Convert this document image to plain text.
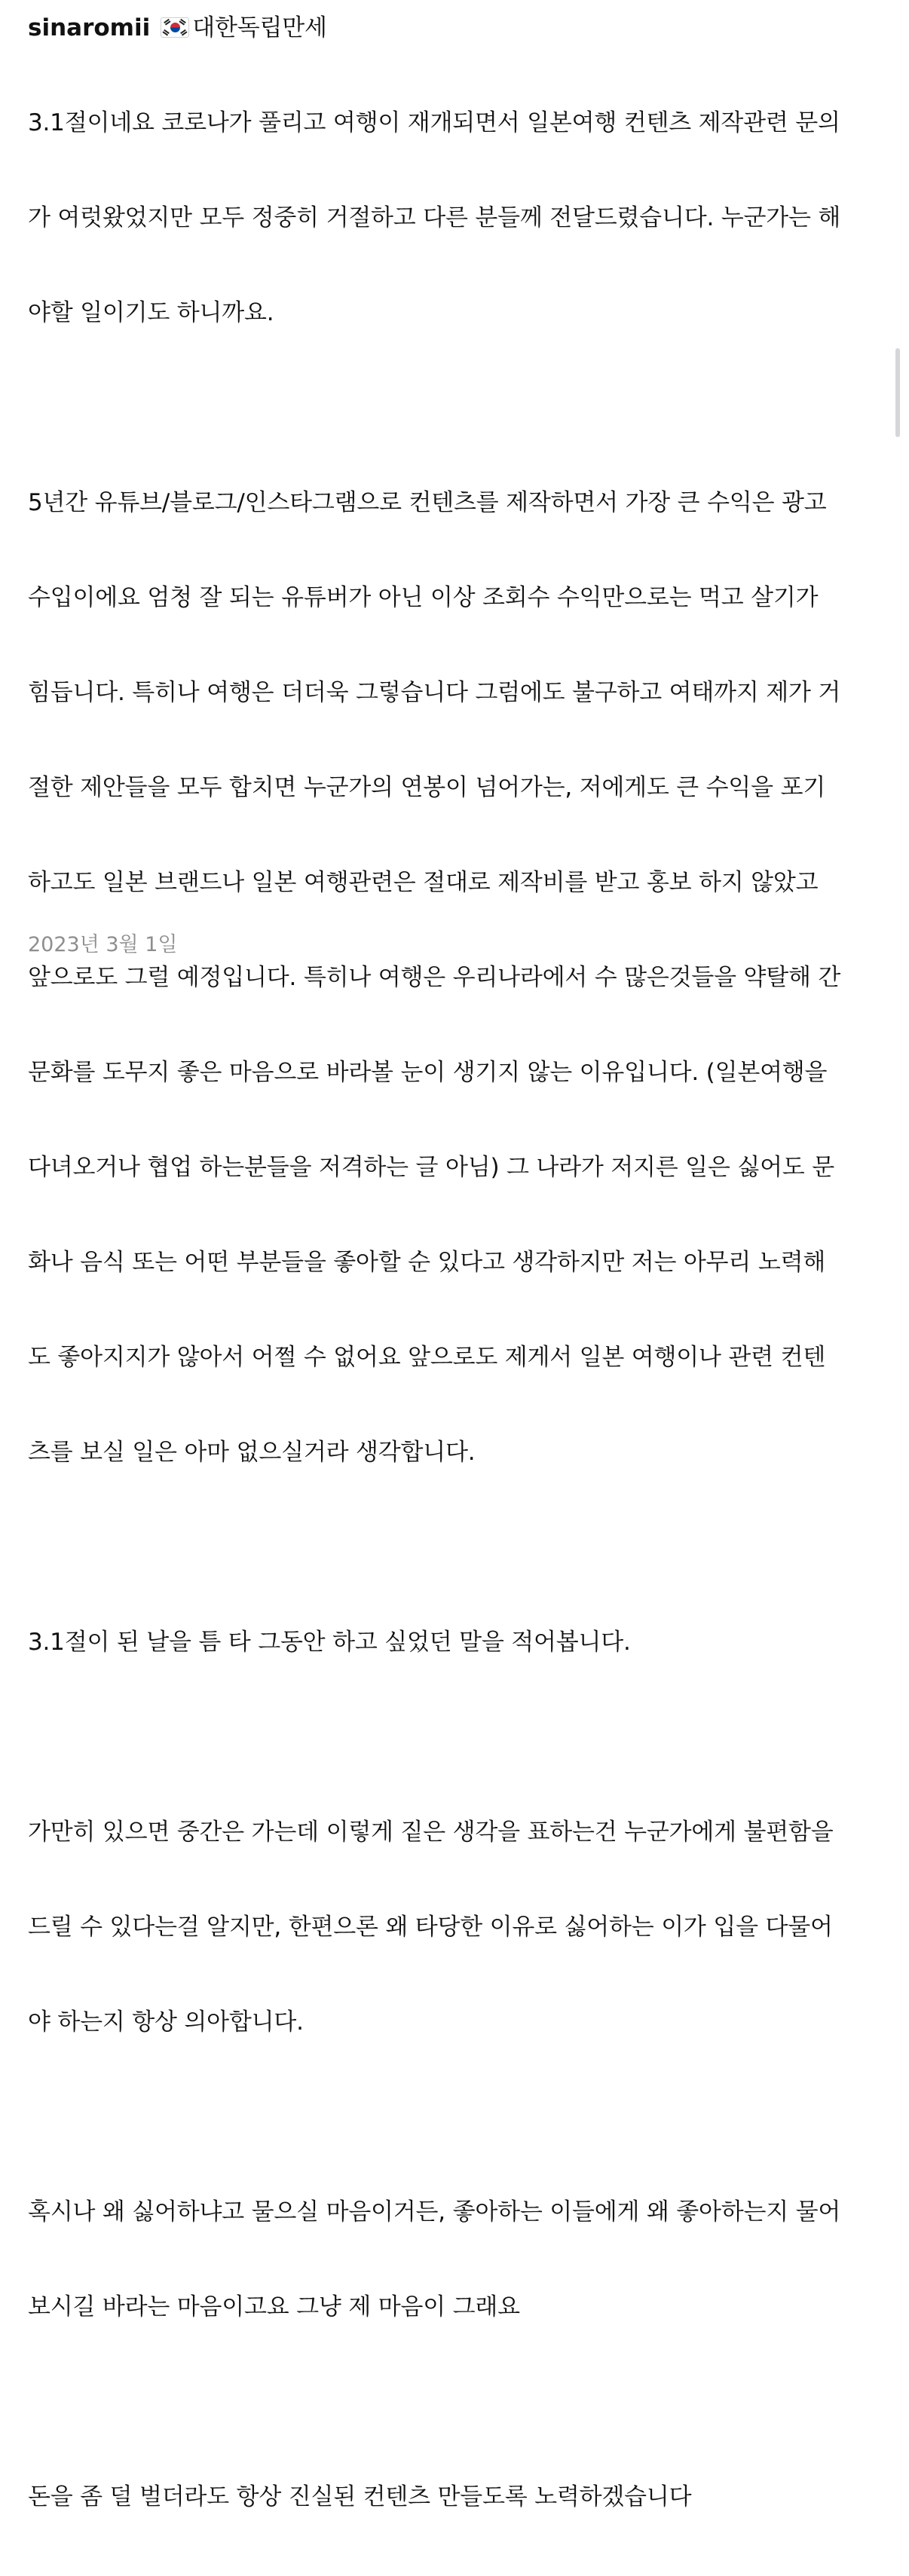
sinaromii 대한독립만세

3.1절이네요 코로나가 풀리고 여행이 재개되면서 일본여행 컨텐츠 제작관련 문의

가 여럿왔었지만 모두 정중히 거절하고 다른 분들께 전달드렸습니다. 누군가는 해

야할 일이기도 하니까요.

5년간 유튜브/블로그/인스타그램으로 컨텐츠를 제작하면서 가장 큰 수익은 광고

수입이에요 엄청 잘 되는 유튜버가 아닌 이상 조회수 수익만으로는 먹고 살기가

힘듭니다. 특히나 여행은 더더욱 그렇습니다 그럼에도 불구하고 여태까지 제가 거

절한 제안들을 모두 합치면 누군가의 연봉이 넘어가는, 저에게도 큰 수익을 포기

하고도 일본 브랜드나 일본 여행관련은 절대로 제작비를 받고 홍보 하지 않았고

앞으로도 그럴 예정입니다. 특히나 여행은 우리나라에서 수 많은것들을 약탈해 간

문화를 도무지 좋은 마음으로 바라볼 눈이 생기지 않는 이유입니다. (일본여행을

다녀오거나 협업 하는분들을 저격하는 글 아님) 그 나라가 저지른 일은 싫어도 문

화나 음식 또는 어떤 부분들을 좋아할 순 있다고 생각하지만 저는 아무리 노력해

도 좋아지지가 않아서 어쩔 수 없어요 앞으로도 제게서 일본 여행이나 관련 컨텐

츠를 보실 일은 아마 없으실거라 생각합니다.

3.1절이 된 날을 틈 타 그동안 하고 싶었던 말을 적어봅니다.

가만히 있으면 중간은 가는데 이렇게 짙은 생각을 표하는건 누군가에게 불편함을

드릴 수 있다는걸 알지만, 한편으론 왜 타당한 이유로 싫어하는 이가 입을 다물어

야 하는지 항상 의아합니다.

혹시나 왜 싫어하냐고 물으실 마음이거든, 좋아하는 이들에게 왜 좋아하는지 물어

보시길 바라는 마음이고요 그냥 제 마음이 그래요

돈을 좀 덜 벌더라도 항상 진실된 컨텐츠 만들도록 노력하겠습니다

2023년 3월 1일
